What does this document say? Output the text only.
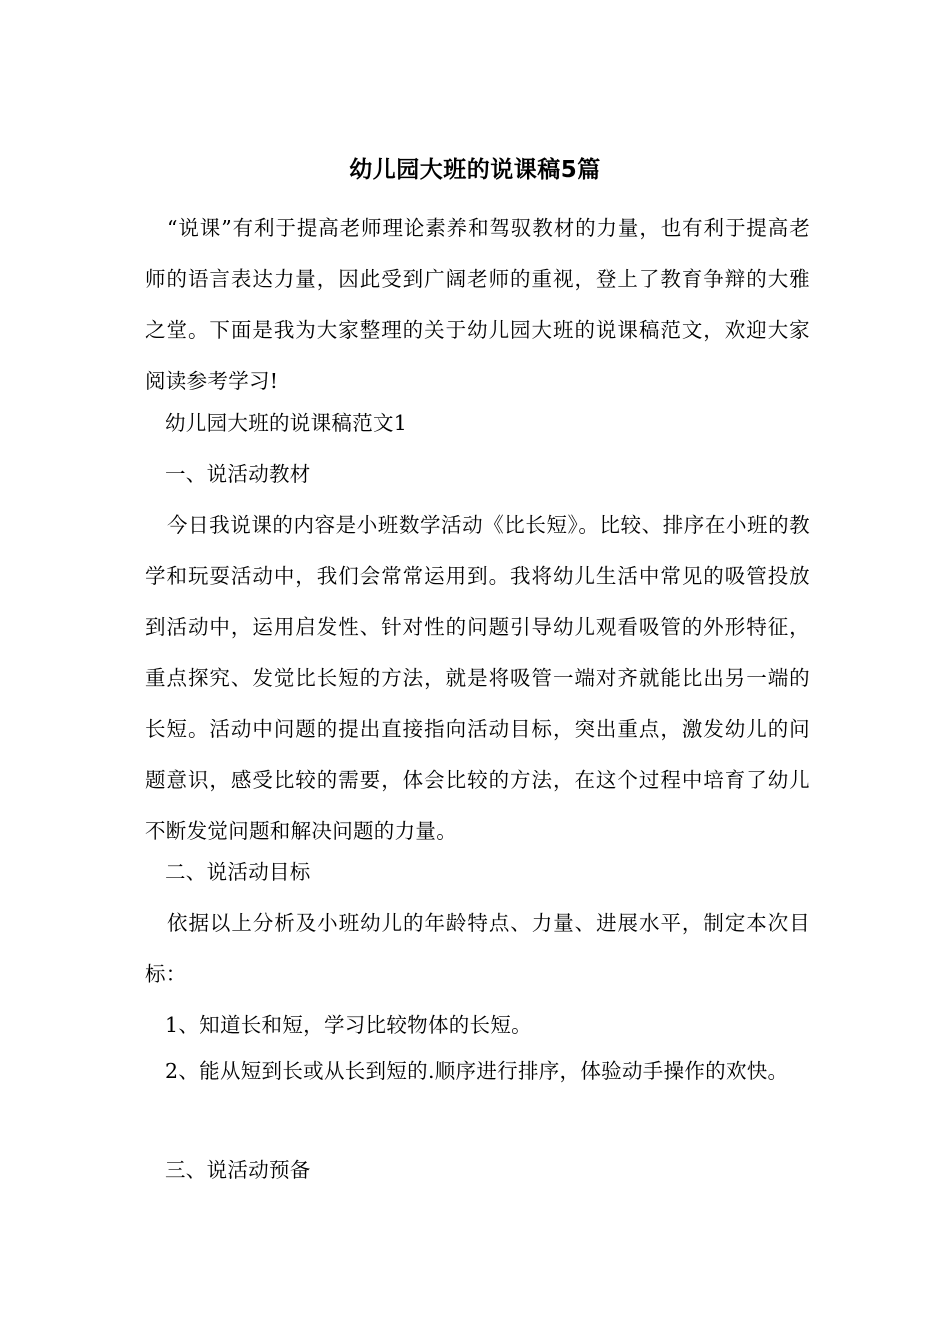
幼儿园大班的说课稿5篇

“说课”有利于提高老师理论素养和驾驭教材的力量，也有利于提高老师的语言表达力量，因此受到广阔老师的重视，登上了教育争辩的大雅之堂。下面是我为大家整理的关于幼儿园大班的说课稿范文，欢迎大家阅读参考学习!

幼儿园大班的说课稿范文1
一、说活动教材

今日我说课的内容是小班数学活动《比长短》。比较、排序在小班的教学和玩耍活动中，我们会常常运用到。我将幼儿生活中常见的吸管投放到活动中，运用启发性、针对性的问题引导幼儿观看吸管的外形特征，重点探究、发觉比长短的方法，就是将吸管一端对齐就能比出另一端的长短。活动中问题的提出直接指向活动目标，突出重点，激发幼儿的问题意识，感受比较的需要，体会比较的方法，在这个过程中培育了幼儿不断发觉问题和解决问题的力量。

二、说活动目标

依据以上分析及小班幼儿的年龄特点、力量、进展水平，制定本次目标：

1、知道长和短，学习比较物体的长短。
2、能从短到长或从长到短的.顺序进行排序，体验动手操作的欢快。
三、说活动预备
